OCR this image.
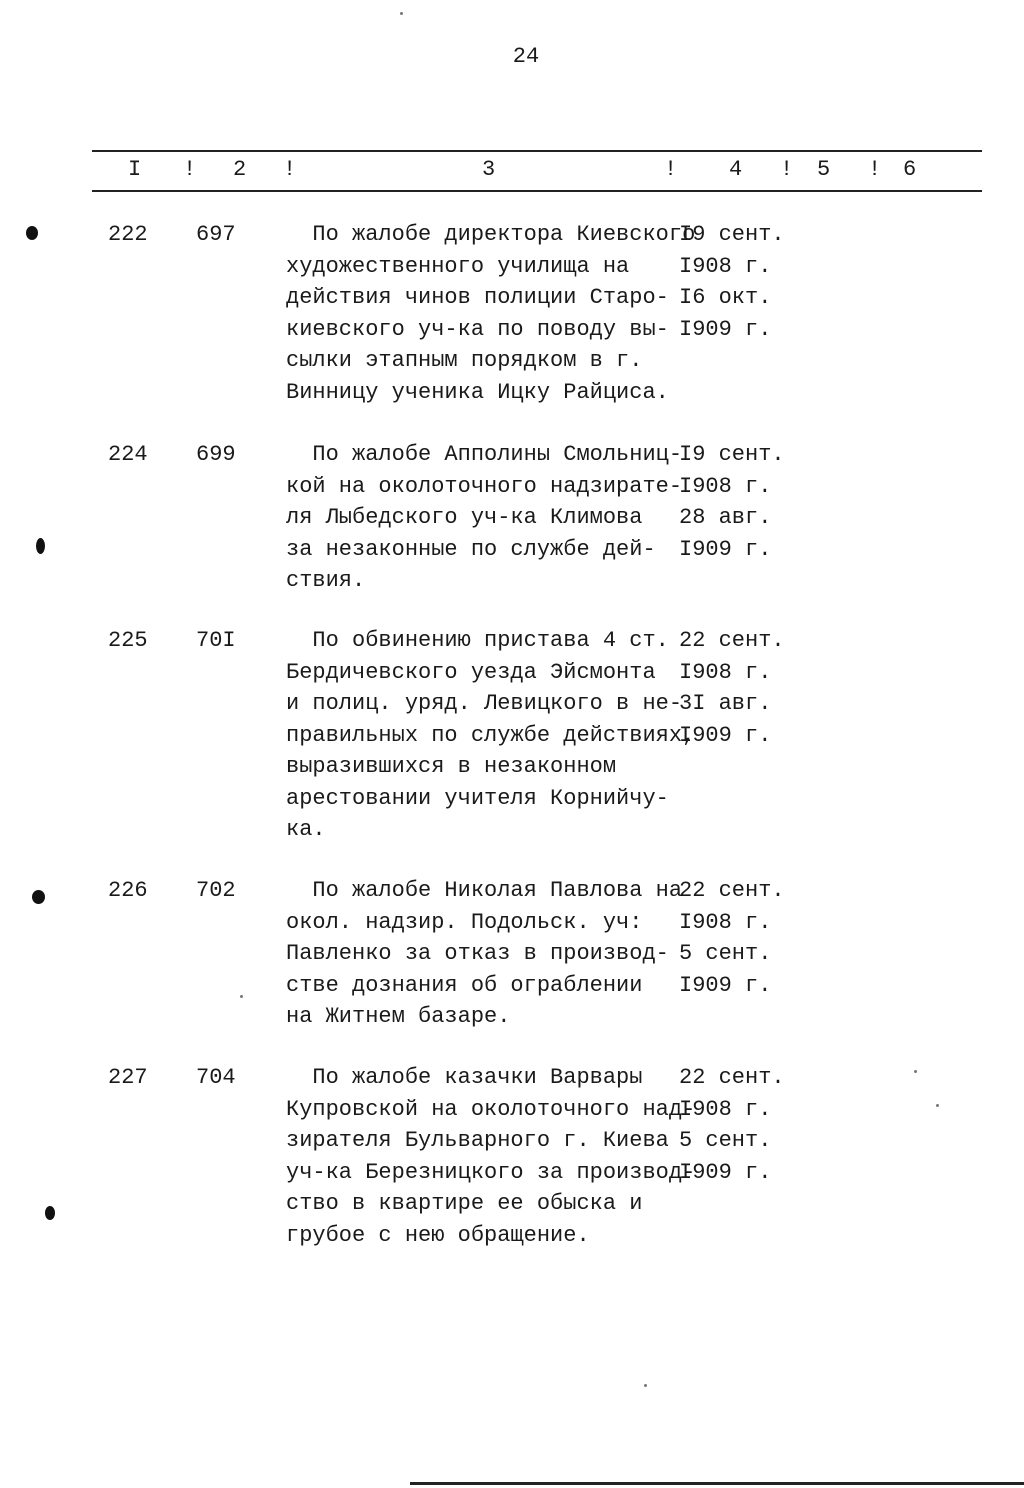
24
I ! 2 !	3	! 4 ! 5 ! 6
222 697 По жалобе директора Киевского
художественного училища на
действия чинов полиции Старо-
киевского уч-ка по поводу вы-
сылки этапным порядком в г.
Винницу ученика Ицку Райциса.
I9 сент.
I908 г.
I6 окт.
I909 г.
224 699 По жалобе Апполины Смольниц-
кой на околоточного надзирате-
ля Лыбедского уч-ка Климова
за незаконные по службе дей-
ствия.
I9 сент.
I908 г.
28 авг.
I909 г.
225 70I По обвинению пристава 4 ст.
Бердичевского уезда Эйсмонта
и полиц. уряд. Левицкого в не-
правильных по службе действиях,
выразившихся в незаконном
арестовании учителя Корнийчу-
ка.
22 сент.
I908 г.
3I авг.
I909 г.
226 702 По жалобе Николая Павлова на
окол. надзир. Подольск. уч:
Павленко за отказ в производ-
стве дознания об ограблении
на Житнем базаре.
22 сент.
I908 г.
5 сент.
I909 г.
227 704 По жалобе казачки Варвары
Купровской на околоточного над-
зирателя Бульварного г. Киева
уч-ка Березницкого за производ-
ство в квартире ее обыска и
грубое с нею обращение.
22 сент.
I908 г.
5 сент.
I909 г.
